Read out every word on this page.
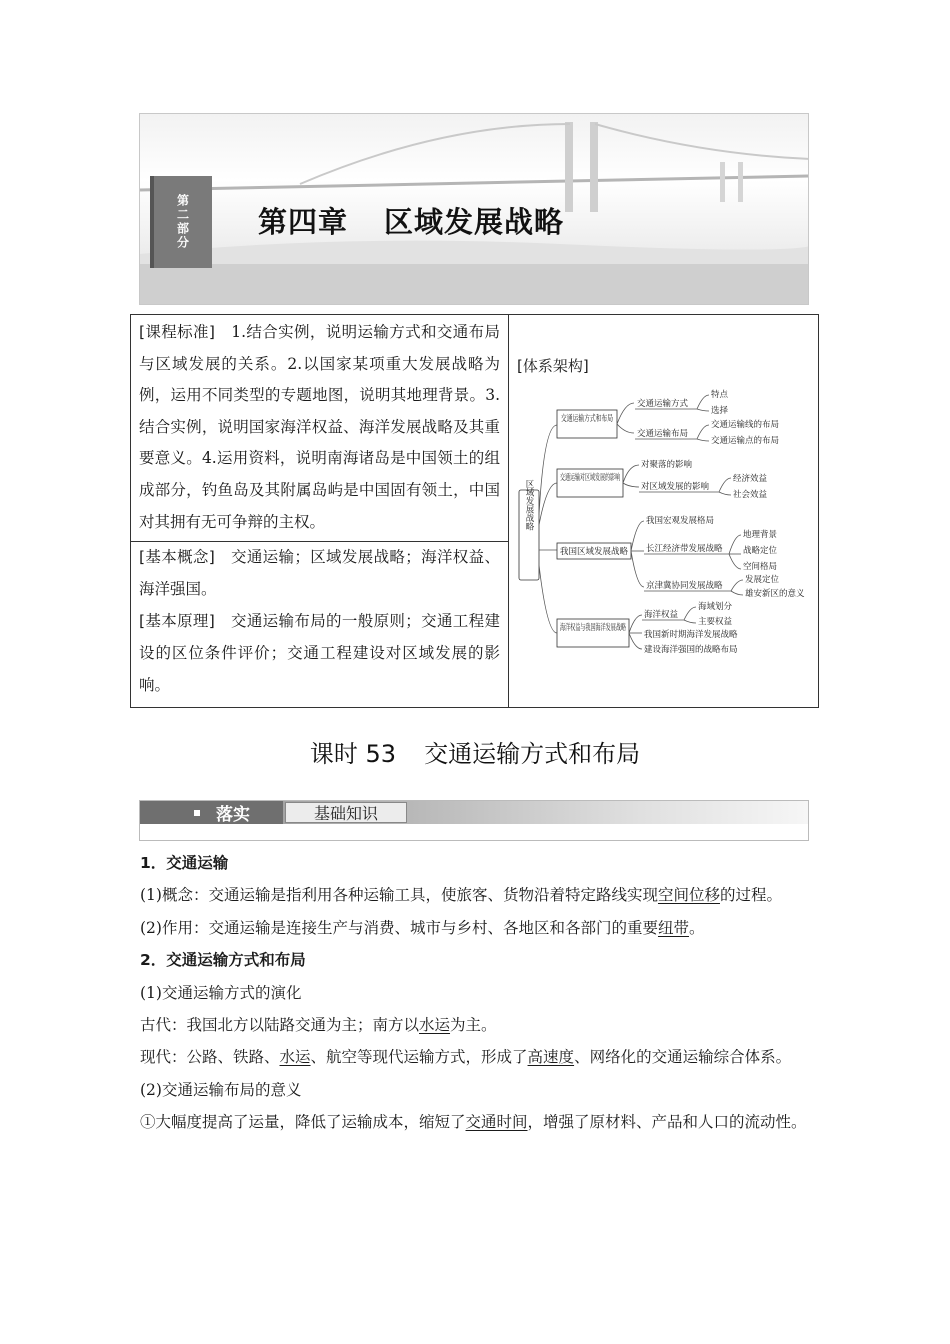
第二部分	第四章 区域发展战略
[课程标准]　 1.结合实例，说明运输方式和交通布局与区域发展的关系。2.以国家某项重大发展战略为例，运用不同类型的专题地图，说明其地理背景。3.结合实例，说明国家海洋权益、海洋发展战略及其重要意义。4.运用资料，说明南海诸岛是中国领土的组成部分，钓鱼岛及其附属岛屿是中国固有领土，中国对其拥有无可争辩的主权。

[基本概念]　 交通运输；区域发展战略；海洋权益、海洋强国。

[基本原理]　 交通运输布局的一般原则；交通工程建设的区位条件评价；交通工程建设对区域发展的影响。

[体系架构]
区域发展战略
交通运输方式和布局
交通运输方式
特点
选择
交通运输布局
交通运输线的布局
交通运输点的布局
交通运输对区域发展的影响
对聚落的影响
对区域发展的影响
经济效益
社会效益
我国区域发展战略
我国宏观发展格局
长江经济带发展战略
地理背景
战略定位
空间格局
京津冀协同发展战略
发展定位
雄安新区的意义
海洋权益与我国海洋发展战略
海洋权益
海域划分
主要权益
我国新时期海洋发展战略
建设海洋强国的战略布局
课时 53 交通运输方式和布局
落实	基础知识

1．交通运输

(1)概念：交通运输是指利用各种运输工具，使旅客、货物沿着特定路线实现空间位移的过程。

(2)作用：交通运输是连接生产与消费、城市与乡村、各地区和各部门的重要纽带。

2．交通运输方式和布局

(1)交通运输方式的演化

古代：我国北方以陆路交通为主；南方以水运为主。

现代：公路、铁路、水运、航空等现代运输方式，形成了高速度、网络化的交通运输综合体系。

(2)交通运输布局的意义

①大幅度提高了运量，降低了运输成本，缩短了交通时间，增强了原材料、产品和人口的流动性。
